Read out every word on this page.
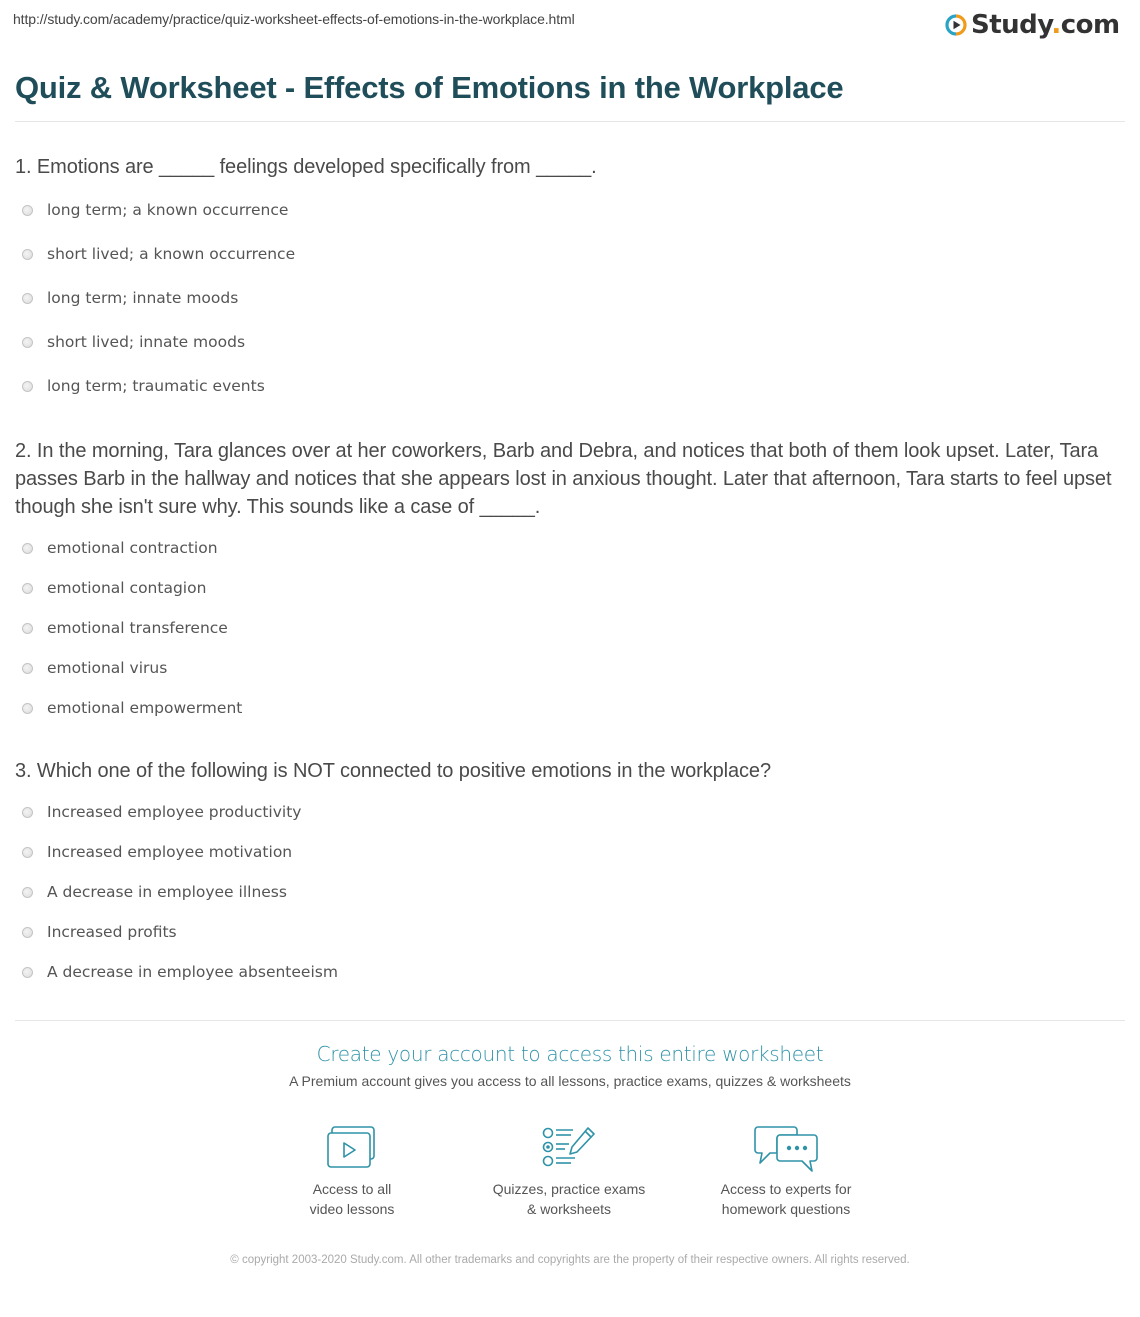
http://study.com/academy/practice/quiz-worksheet-effects-of-emotions-in-the-workplace.html	Study.com
Quiz & Worksheet - Effects of Emotions in the Workplace
1. Emotions are _____ feelings developed specifically from _____.
long term; a known occurrence
short lived; a known occurrence
long term; innate moods
short lived; innate moods
long term; traumatic events
2. In the morning, Tara glances over at her coworkers, Barb and Debra, and notices that both of them look upset. Later, Tara passes Barb in the hallway and notices that she appears lost in anxious thought. Later that afternoon, Tara starts to feel upset though she isn't sure why. This sounds like a case of _____.
emotional contraction
emotional contagion
emotional transference
emotional virus
emotional empowerment
3. Which one of the following is NOT connected to positive emotions in the workplace?
Increased employee productivity
Increased employee motivation
A decrease in employee illness
Increased profits
A decrease in employee absenteeism
Create your account to access this entire worksheet
A Premium account gives you access to all lessons, practice exams, quizzes & worksheets
Access to all
video lessons
Quizzes, practice exams
& worksheets
Access to experts for
homework questions
© copyright 2003-2020 Study.com. All other trademarks and copyrights are the property of their respective owners. All rights reserved.
